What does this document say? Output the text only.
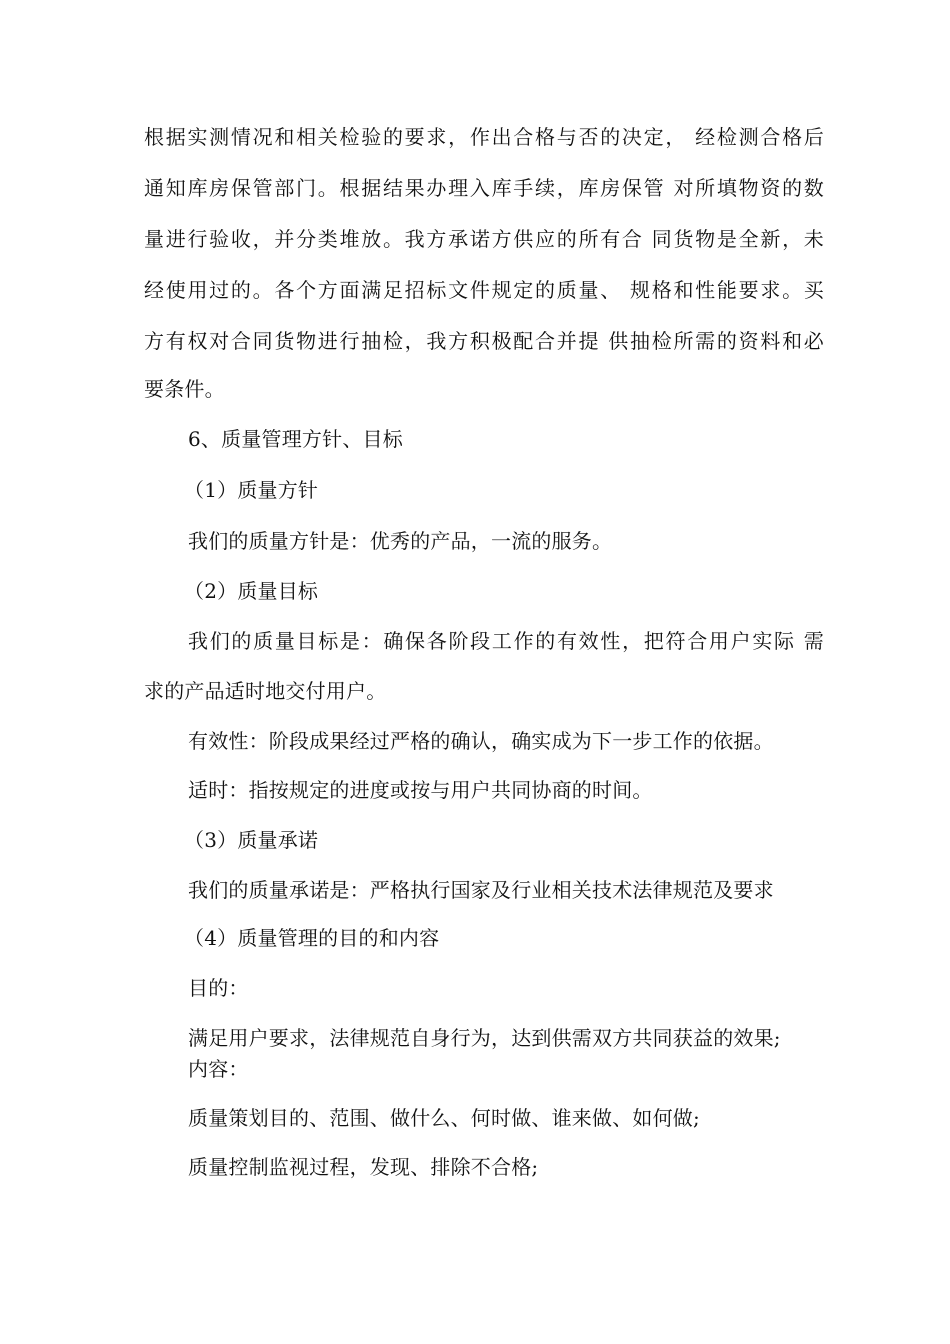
根据实测情况和相关检验的要求，作出合格与否的决定， 经检测合格后
通知库房保管部门。根据结果办理入库手续，库房保管 对所填物资的数
量进行验收，并分类堆放。我方承诺方供应的所有合 同货物是全新，未
经使用过的。各个方面满足招标文件规定的质量、 规格和性能要求。买
方有权对合同货物进行抽检，我方积极配合并提 供抽检所需的资料和必
要条件。
6、质量管理方针、目标
（1）质量方针
我们的质量方针是：优秀的产品，一流的服务。
（2）质量目标
我们的质量目标是：确保各阶段工作的有效性，把符合用户实际 需
求的产品适时地交付用户。
有效性：阶段成果经过严格的确认，确实成为下一步工作的依据。
适时：指按规定的进度或按与用户共同协商的时间。
（3）质量承诺
我们的质量承诺是：严格执行国家及行业相关技术法律规范及要求
（4）质量管理的目的和内容
目的：
满足用户要求，法律规范自身行为，达到供需双方共同获益的效果;
内容：
质量策划目的、范围、做什么、何时做、谁来做、如何做;
质量控制监视过程，发现、排除不合格;
